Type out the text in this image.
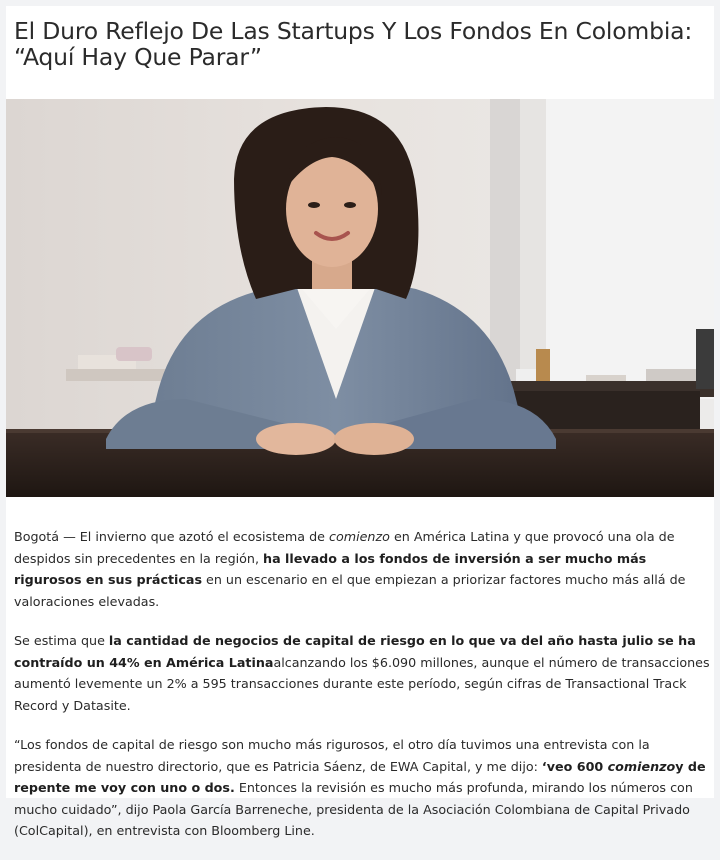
El Duro Reflejo De Las Startups Y Los Fondos En Colombia: “Aquí Hay Que Parar”

Bogotá — El invierno que azotó el ecosistema de comienzo en América Latina y que provocó una ola de despidos sin precedentes en la región, ha llevado a los fondos de inversión a ser mucho más rigurosos en sus prácticas en un escenario en el que empiezan a priorizar factores mucho más allá de valoraciones elevadas.

Se estima que la cantidad de negocios de capital de riesgo en lo que va del año hasta julio se ha contraído un 44% en América Latinaalcanzando los $6.090 millones, aunque el número de transacciones aumentó levemente un 2% a 595 transacciones durante este período, según cifras de Transactional Track Record y Datasite.

“Los fondos de capital de riesgo son mucho más rigurosos, el otro día tuvimos una entrevista con la presidenta de nuestro directorio, que es Patricia Sáenz, de EWA Capital, y me dijo: ‘veo 600 comienzoy de repente me voy con uno o dos. Entonces la revisión es mucho más profunda, mirando los números con mucho cuidado”, dijo Paola García Barreneche, presidenta de la Asociación Colombiana de Capital Privado (ColCapital), en entrevista con Bloomberg Line.
